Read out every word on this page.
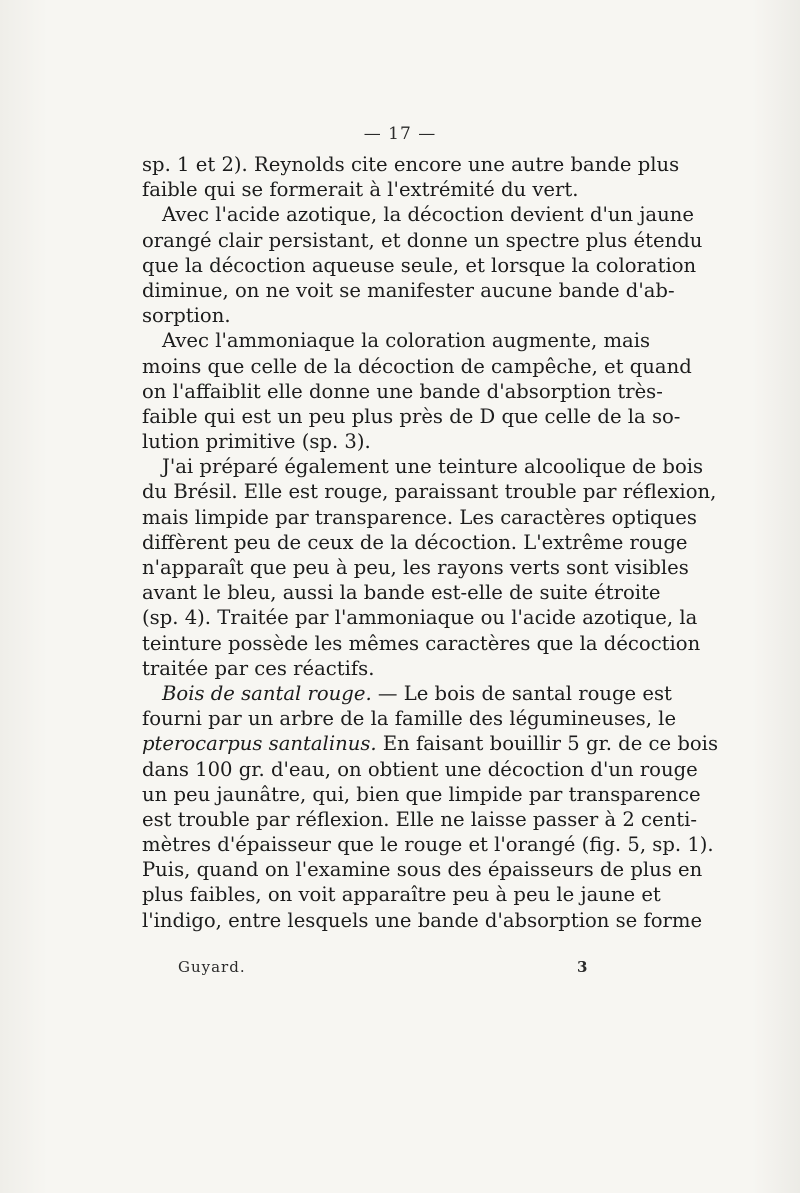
— 17 —
sp. 1 et 2). Reynolds cite encore une autre bande plus
faible qui se formerait à l'extrémité du vert.
Avec l'acide azotique, la décoction devient d'un jaune
orangé clair persistant, et donne un spectre plus étendu
que la décoction aqueuse seule, et lorsque la coloration
diminue, on ne voit se manifester aucune bande d'ab-
sorption.
Avec l'ammoniaque la coloration augmente, mais
moins que celle de la décoction de campêche, et quand
on l'affaiblit elle donne une bande d'absorption très-
faible qui est un peu plus près de D que celle de la so-
lution primitive (sp. 3).
J'ai préparé également une teinture alcoolique de bois
du Brésil. Elle est rouge, paraissant trouble par réflexion,
mais limpide par transparence. Les caractères optiques
diffèrent peu de ceux de la décoction. L'extrême rouge
n'apparaît que peu à peu, les rayons verts sont visibles
avant le bleu, aussi la bande est-elle de suite étroite
(sp. 4). Traitée par l'ammoniaque ou l'acide azotique, la
teinture possède les mêmes caractères que la décoction
traitée par ces réactifs.
Bois de santal rouge. — Le bois de santal rouge est
fourni par un arbre de la famille des légumineuses, le
pterocarpus santalinus. En faisant bouillir 5 gr. de ce bois
dans 100 gr. d'eau, on obtient une décoction d'un rouge
un peu jaunâtre, qui, bien que limpide par transparence
est trouble par réflexion. Elle ne laisse passer à 2 centi-
mètres d'épaisseur que le rouge et l'orangé (fig. 5, sp. 1).
Puis, quand on l'examine sous des épaisseurs de plus en
plus faibles, on voit apparaître peu à peu le jaune et
l'indigo, entre lesquels une bande d'absorption se forme
Guyard.	3
